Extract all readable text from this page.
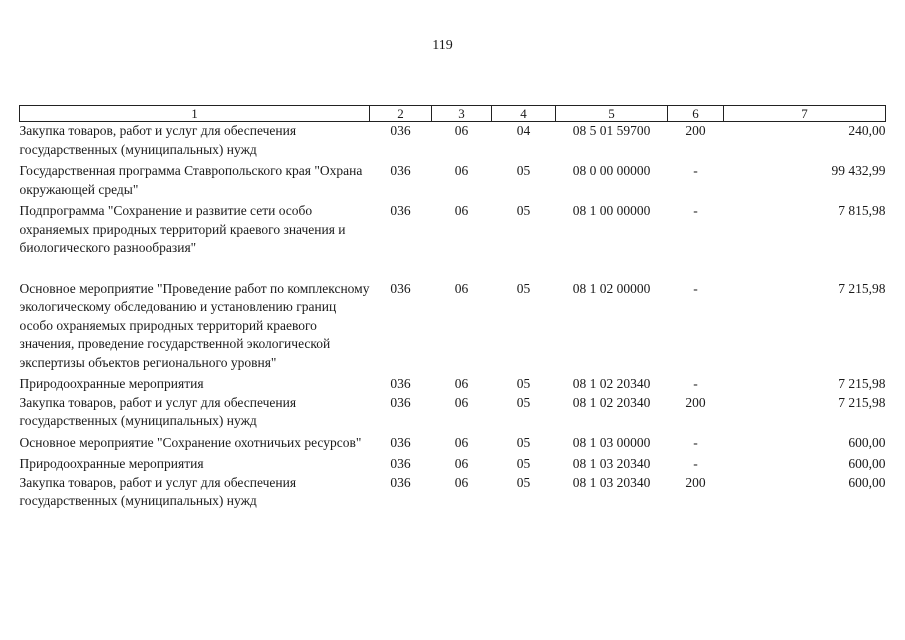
119
1	2	3	4	5	6	7
Закупка товаров, работ и услуг для обеспечения государственных (муниципальных) нужд	036	06	04	08 5 01 59700	200	240,00

Государственная программа Ставропольского края "Охрана окружающей среды"	036	06	05	08 0 00 00000	-	99 432,99

Подпрограмма "Сохранение и развитие сети особо охраняемых природных территорий краевого значения и биологического разнообразия"	036	06	05	08 1 00 00000	-	7 815,98

Основное мероприятие "Проведение работ по комплексному экологическому обследованию и установлению границ особо охраняемых природных территорий краевого значения, проведение государственной экологической экспертизы объектов регионального уровня"	036	06	05	08 1 02 00000	-	7 215,98

Природоохранные мероприятия	036	06	05	08 1 02 20340	-	7 215,98
Закупка товаров, работ и услуг для обеспечения государственных (муниципальных) нужд	036	06	05	08 1 02 20340	200	7 215,98

Основное мероприятие "Сохранение охотничьих ресурсов"	036	06	05	08 1 03 00000	-	600,00

Природоохранные мероприятия	036	06	05	08 1 03 20340	-	600,00
Закупка товаров, работ и услуг для обеспечения государственных (муниципальных) нужд	036	06	05	08 1 03 20340	200	600,00
